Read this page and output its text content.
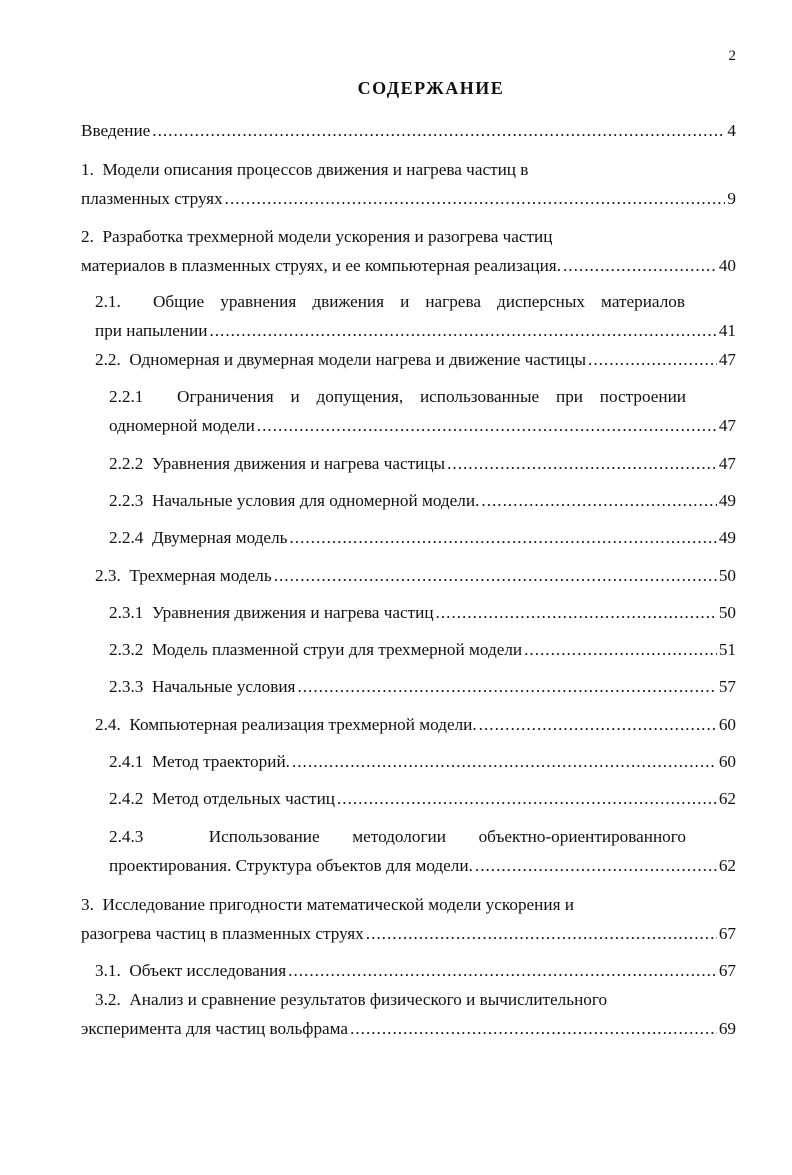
2
СОДЕРЖАНИЕ
Введение .....	4
1. Модели описания процессов движения и нагрева частиц в
плазменных струях .....	9
2. Разработка трехмерной модели ускорения и разогрева частиц
материалов в плазменных струях, и ее компьютерная реализация. .....	40
2.1. Общие уравнения движения и нагрева дисперсных материалов
при напылении .....	41
2.2. Одномерная и двумерная модели нагрева и движение частицы .....	47
2.2.1 Ограничения и допущения, использованные при построении
одномерной модели .....	47
2.2.2 Уравнения движения и нагрева частицы .....	47
2.2.3 Начальные условия для одномерной модели. .....	49
2.2.4 Двумерная модель .....	49
2.3. Трехмерная модель .....	50
2.3.1 Уравнения движения и нагрева частиц .....	50
2.3.2 Модель плазменной струи для трехмерной модели .....	51
2.3.3 Начальные условия .....	57
2.4. Компьютерная реализация трехмерной модели. .....	60
2.4.1 Метод траекторий. .....	60
2.4.2 Метод отдельных частиц .....	62
2.4.3	Использование методологии объектно-ориентированного
проектирования. Структура объектов для модели. .....	62
3. Исследование пригодности математической модели ускорения и
разогрева частиц в плазменных струях .....	67
3.1. Объект исследования .....	67
3.2. Анализ и сравнение результатов физического и вычислительного
эксперимента для частиц вольфрама .....	69
